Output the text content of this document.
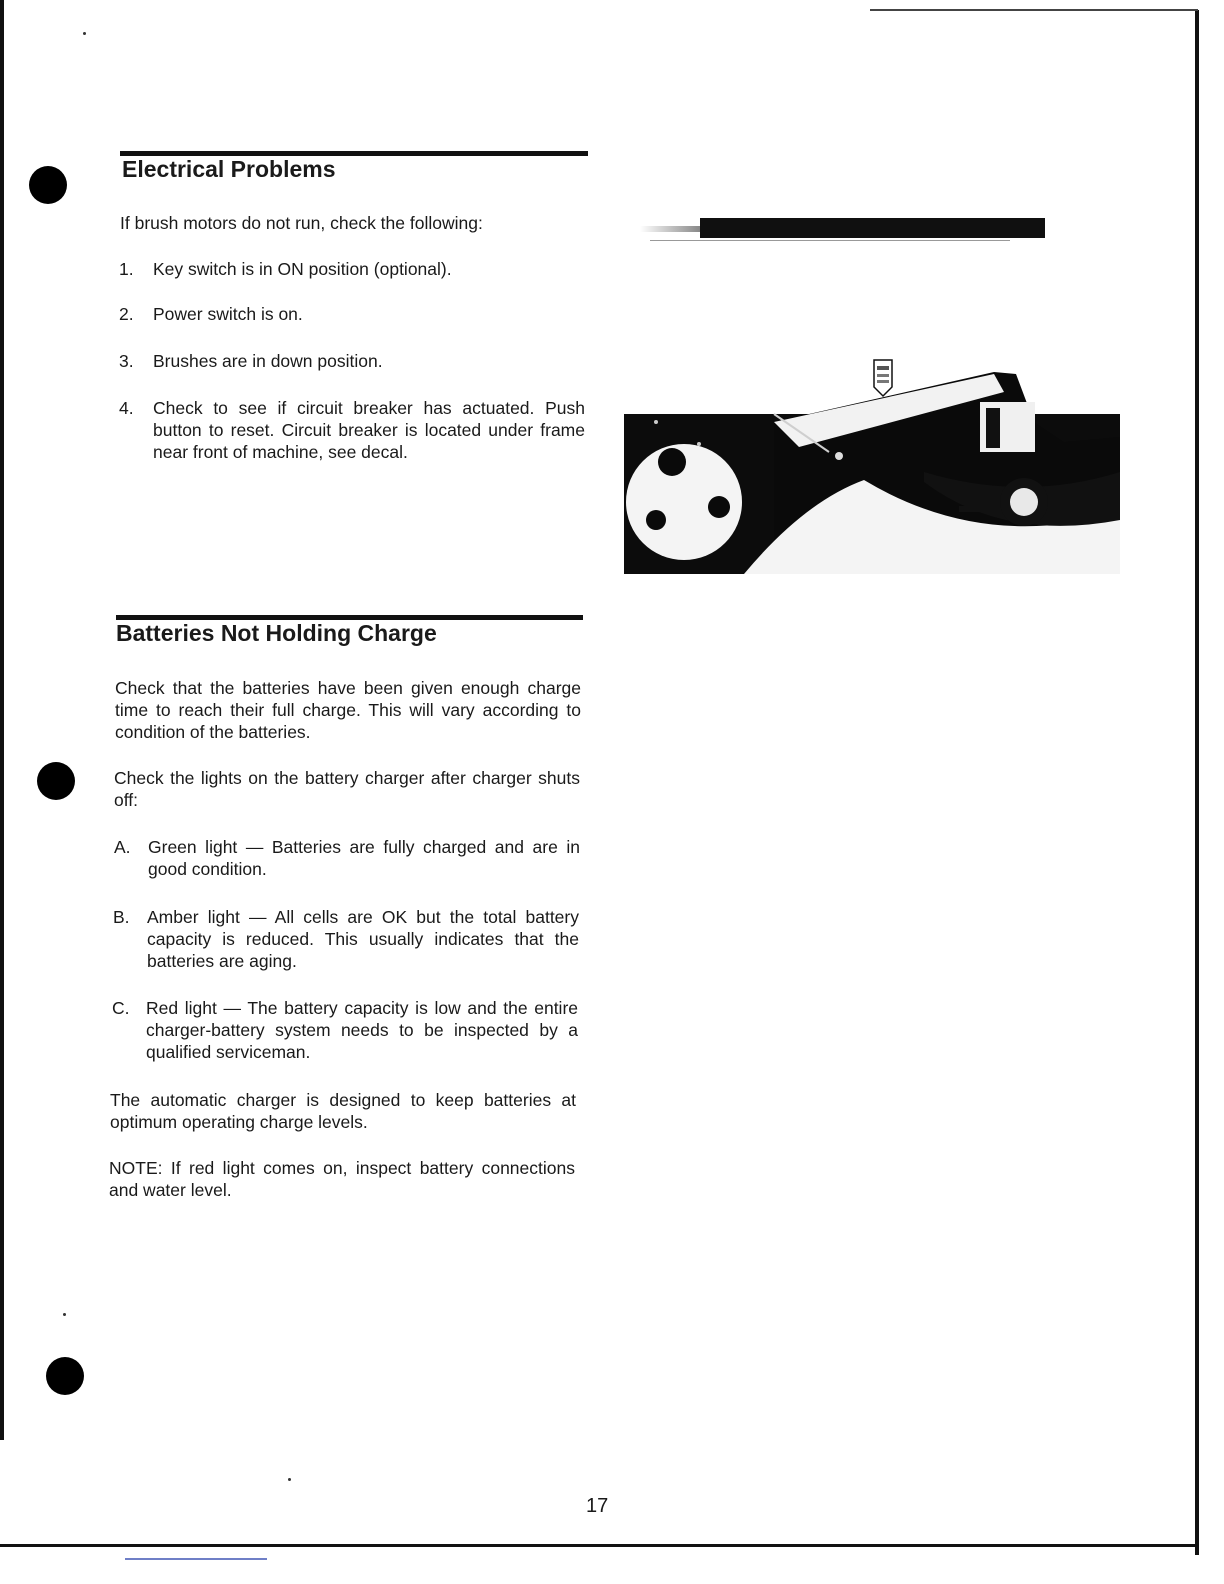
Electrical Problems

If brush motors do not run, check the following:

1. Key switch is in ON position (optional).
2. Power switch is on.
3. Brushes are in down position.
4. Check to see if circuit breaker has actuated. Push button to reset. Circuit breaker is located under frame near front of machine, see decal.
Batteries Not Holding Charge

Check that the batteries have been given enough charge time to reach their full charge. This will vary according to condition of the batteries.

Check the lights on the battery charger after charger shuts off:

A. Green light — Batteries are fully charged and are in good condition.
B. Amber light — All cells are OK but the total battery capacity is reduced. This usually indicates that the batteries are aging.
C. Red light — The battery capacity is low and the entire charger-battery system needs to be inspected by a qualified serviceman.

The automatic charger is designed to keep batteries at optimum operating charge levels.

NOTE: If red light comes on, inspect battery connections and water level.

17
